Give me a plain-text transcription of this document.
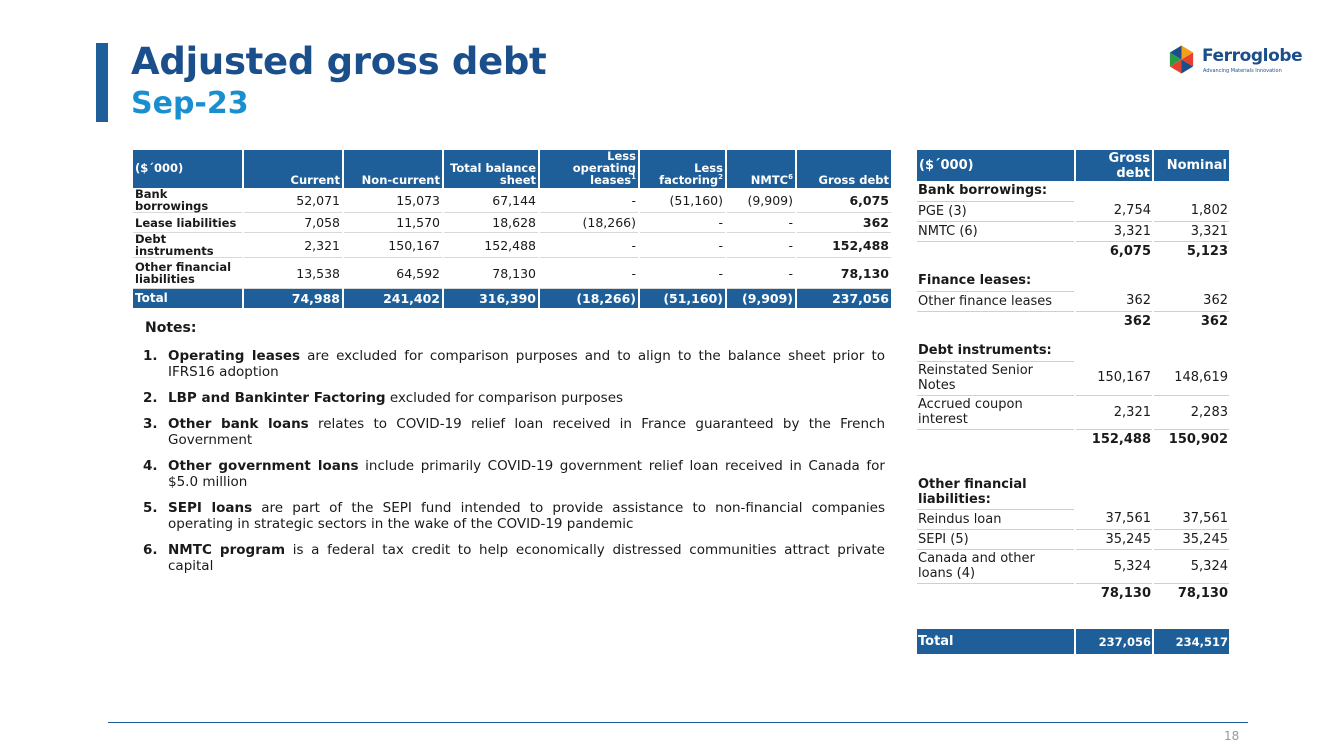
Adjusted gross debt
Sep-23
Ferroglobe
Advancing Materials Innovation
($´000)	Current	Non-current	Total balance sheet	Less operating leases$^1$	Less factoring$^2$	NMTC$^6$	Gross debt
Bank borrowings	52,071	15,073	67,144	-	(51,160)	(9,909)	6,075
Lease liabilities	7,058	11,570	18,628	(18,266)	-	-	362
Debt instruments	2,321	150,167	152,488	-	-	-	152,488
Other financial liabilities	13,538	64,592	78,130	-	-	-	78,130
Total	74,988	241,402	316,390	(18,266)	(51,160)	(9,909)	237,056
Notes:
1. Operating leases are excluded for comparison purposes and to align to the balance sheet prior to IFRS16 adoption
2. LBP and Bankinter Factoring excluded for comparison purposes
3. Other bank loans relates to COVID-19 relief loan received in France guaranteed by the French Government
4. Other government loans include primarily COVID-19 government relief loan received in Canada for $5.0 million
5. SEPI loans are part of the SEPI fund intended to provide assistance to non-financial companies operating in strategic sectors in the wake of the COVID-19 pandemic
6. NMTC program is a federal tax credit to help economically distressed communities attract private capital
($´000)	Gross debt	Nominal
Bank borrowings:		
PGE (3)	2,754	1,802
NMTC (6)	3,321	3,321
	6,075	5,123

Finance leases:		
Other finance leases	362	362
	362	362

Debt instruments:		
Reinstated Senior Notes	150,167	148,619
Accrued coupon interest	2,321	2,283
	152,488	150,902

Other financial liabilities:		
Reindus loan	37,561	37,561
SEPI (5)	35,245	35,245
Canada and other loans (4)	5,324	5,324
	78,130	78,130

Total	237,056	234,517
18
